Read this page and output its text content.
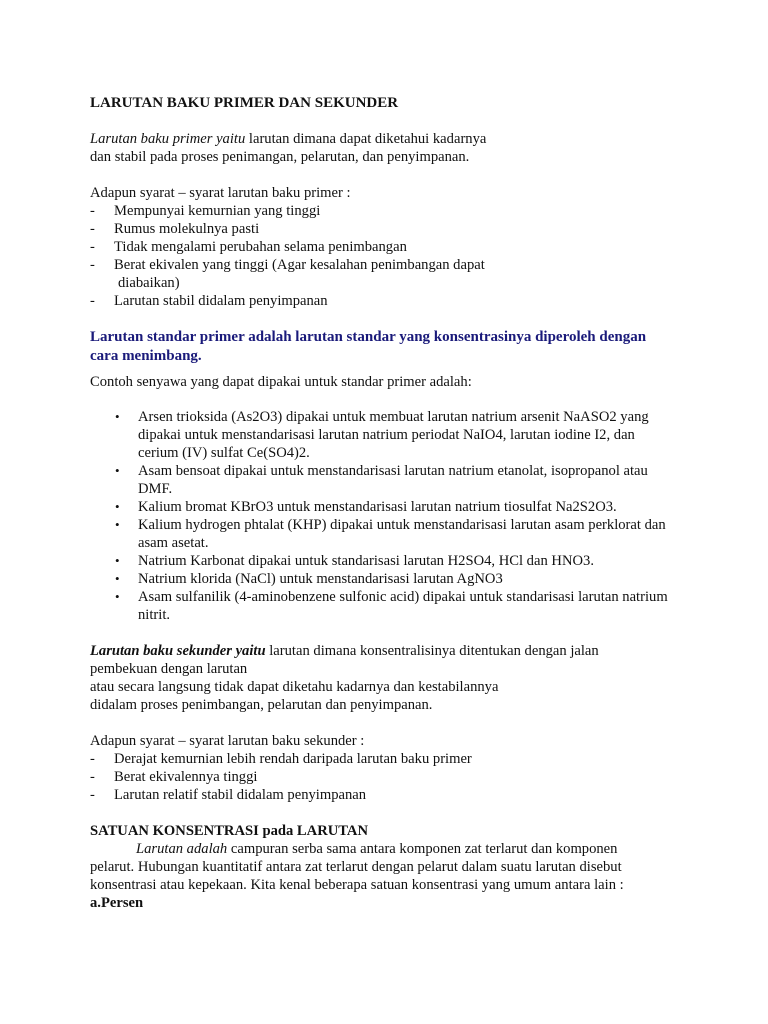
LARUTAN BAKU PRIMER DAN SEKUNDER
Larutan baku primer yaitu larutan dimana dapat diketahui kadarnya
dan stabil pada proses penimangan, pelarutan, dan penyimpanan.
Adapun syarat – syarat larutan baku primer :
-	Mempunyai kemurnian yang tinggi
-	Rumus molekulnya pasti
-	Tidak mengalami perubahan selama penimbangan
-	Berat ekivalen yang tinggi (Agar kesalahan penimbangan dapat
diabaikan)
-	Larutan stabil didalam penyimpanan
Larutan standar primer adalah larutan standar yang konsentrasinya diperoleh dengan cara menimbang.
Contoh senyawa yang dapat dipakai untuk standar primer adalah:
•	Arsen trioksida (As2O3) dipakai untuk membuat larutan natrium arsenit NaASO2 yang dipakai untuk menstandarisasi larutan natrium periodat NaIO4, larutan iodine I2, dan cerium (IV) sulfat Ce(SO4)2.
•	Asam bensoat dipakai untuk menstandarisasi larutan natrium etanolat, isopropanol atau DMF.
•	Kalium bromat KBrO3 untuk menstandarisasi larutan natrium tiosulfat Na2S2O3.
•	Kalium hydrogen phtalat (KHP) dipakai untuk menstandarisasi larutan asam perklorat dan asam asetat.
•	Natrium Karbonat dipakai untuk standarisasi larutan H2SO4, HCl dan HNO3.
•	Natrium klorida (NaCl) untuk menstandarisasi larutan AgNO3
•	Asam sulfanilik (4-aminobenzene sulfonic acid) dipakai untuk standarisasi larutan natrium nitrit.
Larutan baku sekunder yaitu larutan dimana konsentralisinya ditentukan dengan jalan
pembekuan dengan larutan
atau secara langsung tidak dapat diketahu kadarnya dan kestabilannya
didalam proses penimbangan, pelarutan dan penyimpanan.
Adapun syarat – syarat larutan baku sekunder :
-	Derajat kemurnian lebih rendah daripada larutan baku primer
-	Berat ekivalennya tinggi
-	Larutan relatif stabil didalam penyimpanan
SATUAN KONSENTRASI pada LARUTAN
Larutan adalah campuran serba sama antara komponen zat terlarut dan komponen
pelarut. Hubungan kuantitatif antara zat terlarut dengan pelarut dalam suatu larutan disebut
konsentrasi atau kepekaan. Kita kenal beberapa satuan konsentrasi yang umum antara lain :
a.Persen
